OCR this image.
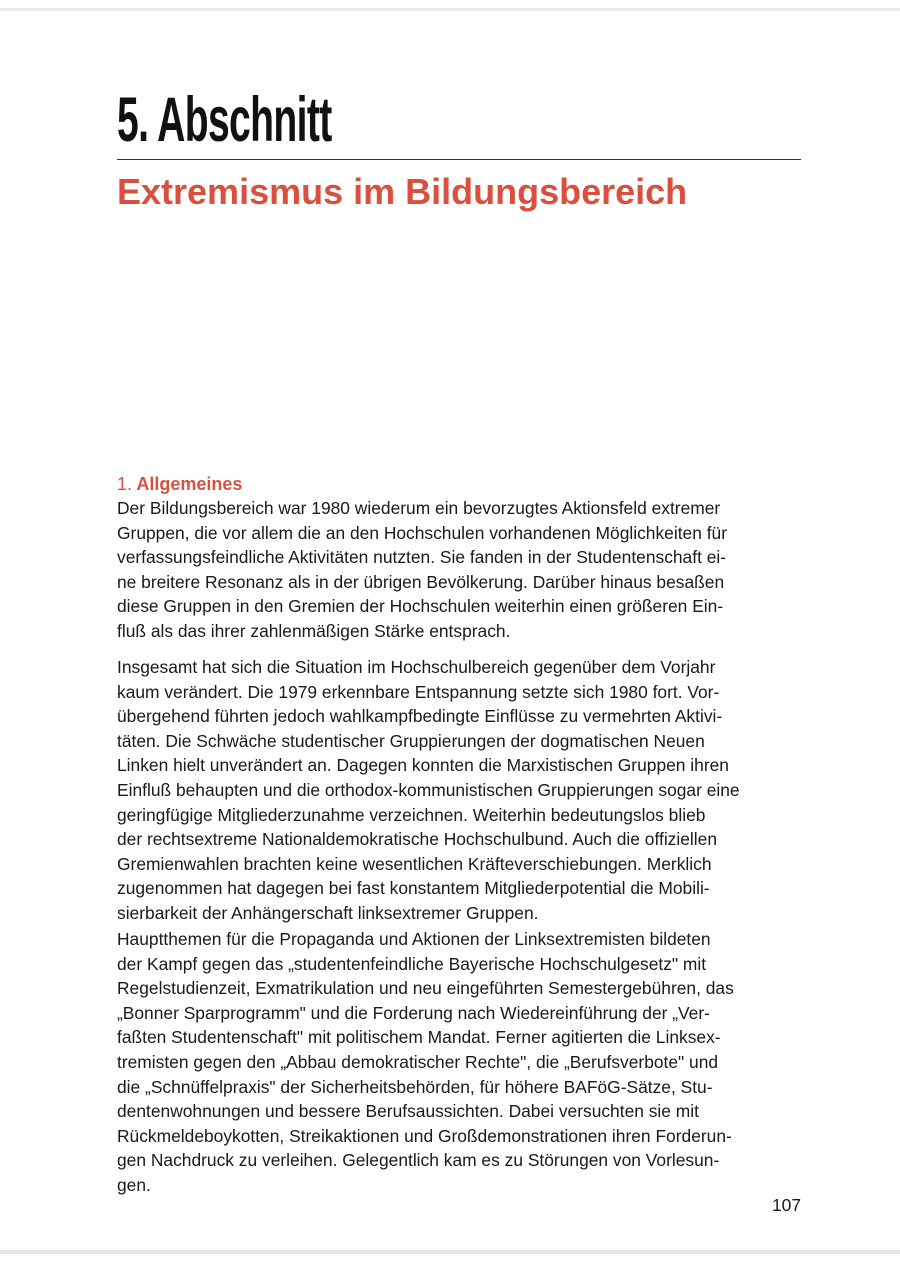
5. Abschnitt
Extremismus im Bildungsbereich
1. Allgemeines

Der Bildungsbereich war 1980 wiederum ein bevorzugtes Aktionsfeld extremer
Gruppen, die vor allem die an den Hochschulen vorhandenen Möglichkeiten für
verfassungsfeindliche Aktivitäten nutzten. Sie fanden in der Studentenschaft ei-
ne breitere Resonanz als in der übrigen Bevölkerung. Darüber hinaus besaßen
diese Gruppen in den Gremien der Hochschulen weiterhin einen größeren Ein-
fluß als das ihrer zahlenmäßigen Stärke entsprach.

Insgesamt hat sich die Situation im Hochschulbereich gegenüber dem Vorjahr
kaum verändert. Die 1979 erkennbare Entspannung setzte sich 1980 fort. Vor-
übergehend führten jedoch wahlkampfbedingte Einflüsse zu vermehrten Aktivi-
täten. Die Schwäche studentischer Gruppierungen der dogmatischen Neuen
Linken hielt unverändert an. Dagegen konnten die Marxistischen Gruppen ihren
Einfluß behaupten und die orthodox-kommunistischen Gruppierungen sogar eine
geringfügige Mitgliederzunahme verzeichnen. Weiterhin bedeutungslos blieb
der rechtsextreme Nationaldemokratische Hochschulbund. Auch die offiziellen
Gremienwahlen brachten keine wesentlichen Kräfteverschiebungen. Merklich
zugenommen hat dagegen bei fast konstantem Mitgliederpotential die Mobili-
sierbarkeit der Anhängerschaft linksextremer Gruppen.

Hauptthemen für die Propaganda und Aktionen der Linksextremisten bildeten
der Kampf gegen das „studentenfeindliche Bayerische Hochschulgesetz" mit
Regelstudienzeit, Exmatrikulation und neu eingeführten Semestergebühren, das
„Bonner Sparprogramm" und die Forderung nach Wiedereinführung der „Ver-
faßten Studentenschaft" mit politischem Mandat. Ferner agitierten die Linksex-
tremisten gegen den „Abbau demokratischer Rechte", die „Berufsverbote" und
die „Schnüffelpraxis" der Sicherheitsbehörden, für höhere BAFöG-Sätze, Stu-
dentenwohnungen und bessere Berufsaussichten. Dabei versuchten sie mit
Rückmeldeboykotten, Streikaktionen und Großdemonstrationen ihren Forderun-
gen Nachdruck zu verleihen. Gelegentlich kam es zu Störungen von Vorlesun-
gen.

107
